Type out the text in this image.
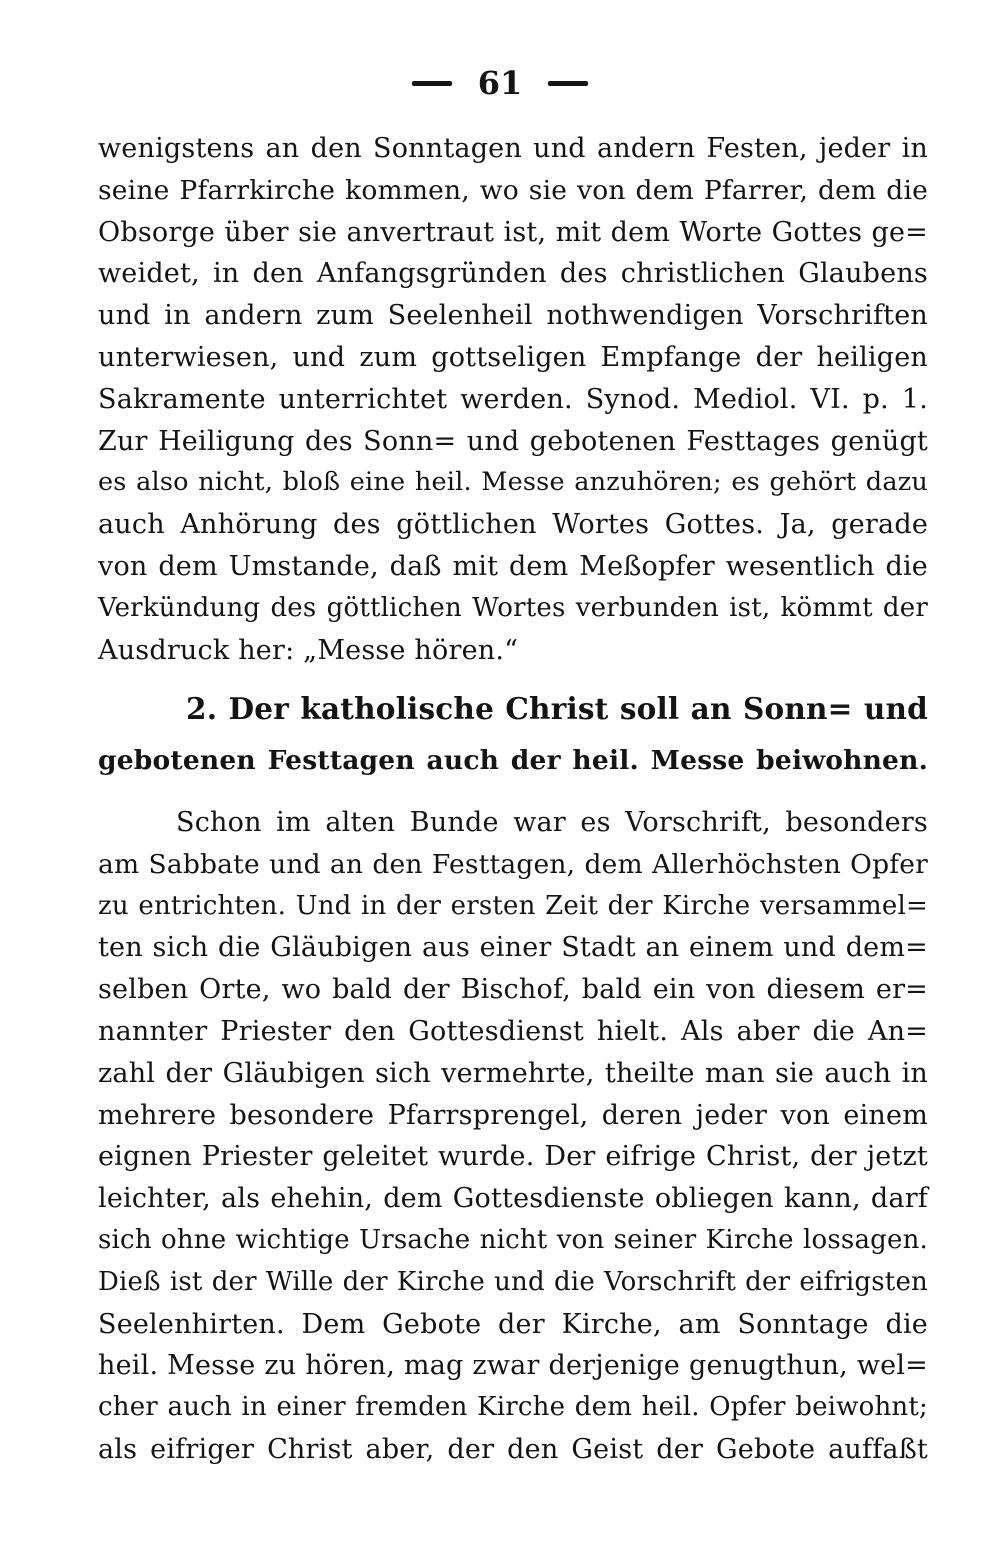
61
wenigstens an den Sonntagen und andern Festen, jeder in
seine Pfarrkirche kommen, wo sie von dem Pfarrer, dem die
Obsorge über sie anvertraut ist, mit dem Worte Gottes ge=
weidet, in den Anfangsgründen des christlichen Glaubens
und in andern zum Seelenheil nothwendigen Vorschriften
unterwiesen, und zum gottseligen Empfange der heiligen
Sakramente unterrichtet werden. Synod. Mediol. VI. p. 1.
Zur Heiligung des Sonn= und gebotenen Festtages genügt
es also nicht, bloß eine heil. Messe anzuhören; es gehört dazu
auch Anhörung des göttlichen Wortes Gottes. Ja, gerade
von dem Umstande, daß mit dem Meßopfer wesentlich die
Verkündung des göttlichen Wortes verbunden ist, kömmt der
Ausdruck her: „Messe hören.“
2. Der katholische Christ soll an Sonn= und
gebotenen Festtagen auch der heil. Messe beiwohnen.
Schon im alten Bunde war es Vorschrift, besonders
am Sabbate und an den Festtagen, dem Allerhöchsten Opfer
zu entrichten. Und in der ersten Zeit der Kirche versammel=
ten sich die Gläubigen aus einer Stadt an einem und dem=
selben Orte, wo bald der Bischof, bald ein von diesem er=
nannter Priester den Gottesdienst hielt. Als aber die An=
zahl der Gläubigen sich vermehrte, theilte man sie auch in
mehrere besondere Pfarrsprengel, deren jeder von einem
eignen Priester geleitet wurde. Der eifrige Christ, der jetzt
leichter, als ehehin, dem Gottesdienste obliegen kann, darf
sich ohne wichtige Ursache nicht von seiner Kirche lossagen.
Dieß ist der Wille der Kirche und die Vorschrift der eifrigsten
Seelenhirten. Dem Gebote der Kirche, am Sonntage die
heil. Messe zu hören, mag zwar derjenige genugthun, wel=
cher auch in einer fremden Kirche dem heil. Opfer beiwohnt;
als eifriger Christ aber, der den Geist der Gebote auffaßt
